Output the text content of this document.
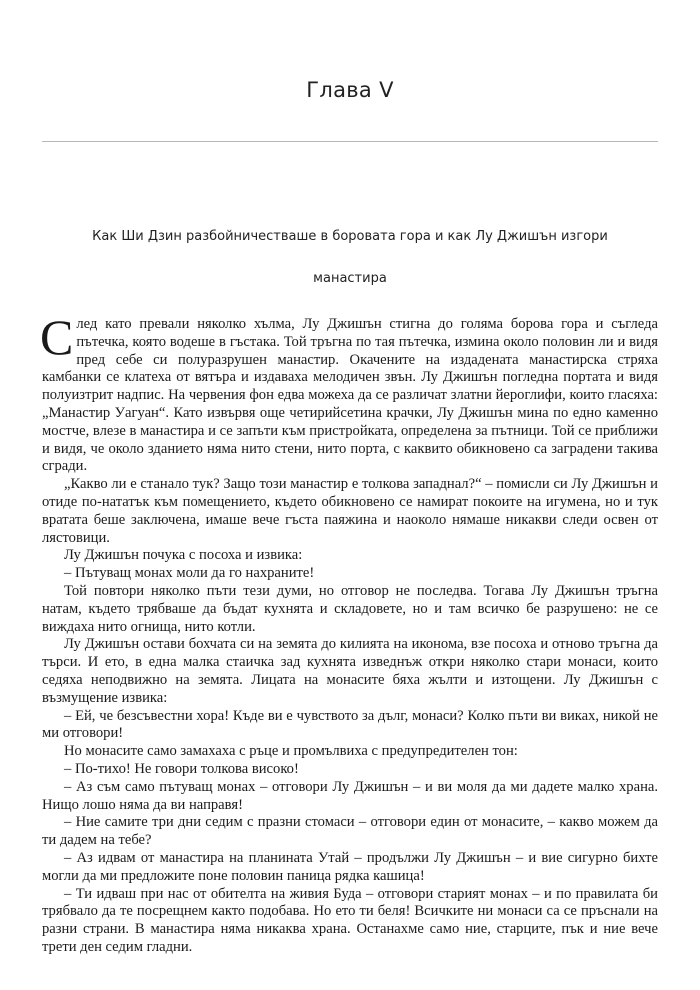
Глава V
Как Ши Дзин разбойничестваше в боровата гора и как Лу Джишън изгори манастира

След като превали няколко хълма, Лу Джишън стигна до голяма борова гора и съгледа пътечка, която водеше в гъстака. Той тръгна по тая пътечка, измина около половин ли и видя пред себе си полуразрушен манастир. Окачените на издадената манастирска стряха камбанки се клатеха от вятъра и издаваха мелодичен звън. Лу Джишън погледна портата и видя полуизтрит надпис. На червения фон едва можеха да се различат златни йероглифи, които гласяха: „Манастир Уагуан“. Като извървя още четирийсетина крачки, Лу Джишън мина по едно каменно мостче, влезе в манастира и се запъти към пристройката, определена за пътници. Той се приближи и видя, че около зданието няма нито стени, нито порта, с каквито обикновено са заградени такива сгради.

„Какво ли е станало тук? Защо този манастир е толкова западнал?“ – помисли си Лу Джишън и отиде по-нататък към помещението, където обикновено се намират покоите на игумена, но и тук вратата беше заключена, имаше вече гъста паяжина и наоколо нямаше никакви следи освен от лястовици.

Лу Джишън почука с посоха и извика:

– Пътуващ монах моли да го нахраните!

Той повтори няколко пъти тези думи, но отговор не последва. Тогава Лу Джишън тръгна натам, където трябваше да бъдат кухнята и складовете, но и там всичко бе разрушено: не се виждаха нито огнища, нито котли.

Лу Джишън остави бохчата си на земята до килията на иконома, взе посоха и отново тръгна да търси. И ето, в една малка стаичка зад кухнята изведнъж откри няколко стари монаси, които седяха неподвижно на земята. Лицата на монасите бяха жълти и изтощени. Лу Джишън с възмущение извика:

– Ей, че безсъвестни хора! Къде ви е чувството за дълг, монаси? Колко пъти ви виках, никой не ми отговори!

Но монасите само замахаха с ръце и промълвиха с предупредителен тон:

– По-тихо! Не говори толкова високо!

– Аз съм само пътуващ монах – отговори Лу Джишън – и ви моля да ми дадете малко храна. Нищо лошо няма да ви направя!

– Ние самите три дни седим с празни стомаси – отговори един от монасите, – какво можем да ти дадем на тебе?

– Аз идвам от манастира на планината Утай – продължи Лу Джишън – и вие сигурно бихте могли да ми предложите поне половин паница рядка кашица!

– Ти идваш при нас от обителта на живия Буда – отговори старият монах – и по правилата би трябвало да те посрещнем както подобава. Но ето ти беля! Всичките ни монаси са се пръснали на разни страни. В манастира няма никаква храна. Останахме само ние, старците, пък и ние вече трети ден седим гладни.
